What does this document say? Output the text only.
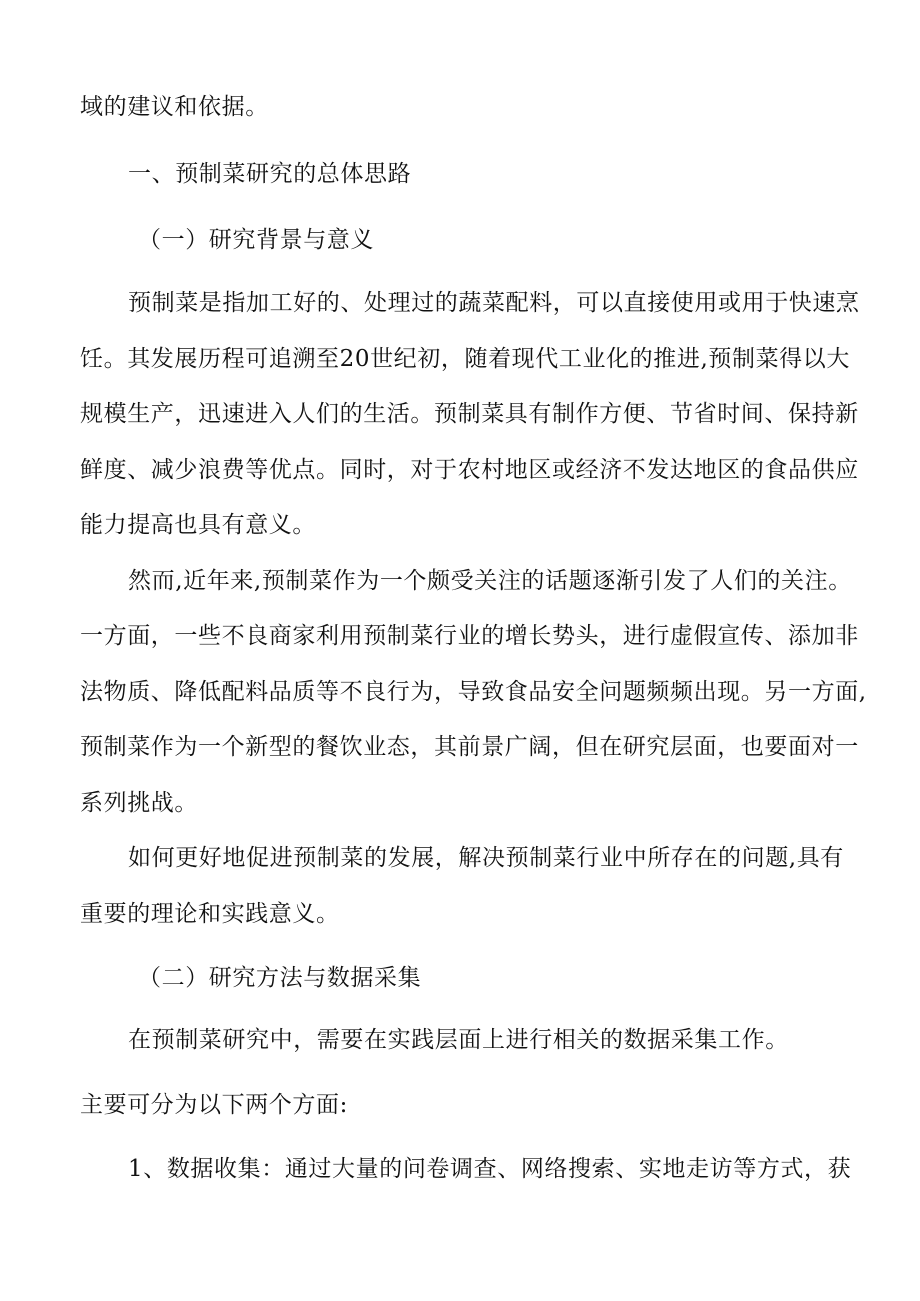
域的建议和依据。
一、预制菜研究的总体思路
（一）研究背景与意义
预制菜是指加工好的、处理过的蔬菜配料，可以直接使用或用于快速烹
饪。其发展历程可追溯至20世纪初，随着现代工业化的推进,预制菜得以大
规模生产，迅速进入人们的生活。预制菜具有制作方便、节省时间、保持新
鲜度、减少浪费等优点。同时，对于农村地区或经济不发达地区的食品供应
能力提高也具有意义。
然而,近年来,预制菜作为一个颇受关注的话题逐渐引发了人们的关注。
一方面，一些不良商家利用预制菜行业的增长势头，进行虚假宣传、添加非
法物质、降低配料品质等不良行为，导致食品安全问题频频出现。另一方面,
预制菜作为一个新型的餐饮业态，其前景广阔，但在研究层面，也要面对一
系列挑战。
如何更好地促进预制菜的发展，解决预制菜行业中所存在的问题,具有
重要的理论和实践意义。
（二）研究方法与数据采集
在预制菜研究中，需要在实践层面上进行相关的数据采集工作。
主要可分为以下两个方面:
1、数据收集：通过大量的问卷调查、网络搜索、实地走访等方式，获
